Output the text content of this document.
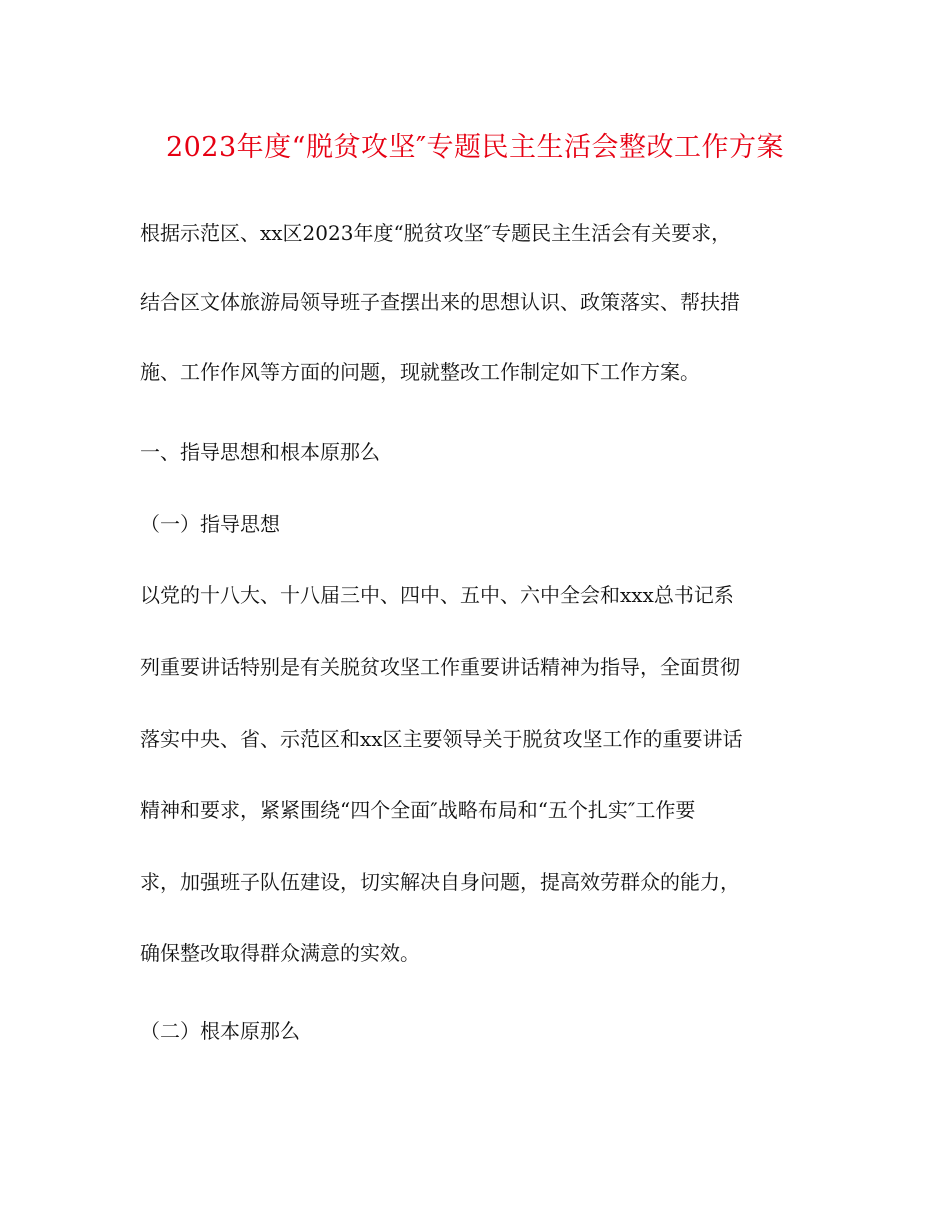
2023年度“脱贫攻坚″专题民主生活会整改工作方案
根据示范区、xx区2023年度“脱贫攻坚″专题民主生活会有关要求，
结合区文体旅游局领导班子查摆出来的思想认识、政策落实、帮扶措
施、工作作风等方面的问题，现就整改工作制定如下工作方案。
一、指导思想和根本原那么
（一）指导思想
以党的十八大、十八届三中、四中、五中、六中全会和xxx总书记系
列重要讲话特别是有关脱贫攻坚工作重要讲话精神为指导，全面贯彻
落实中央、省、示范区和xx区主要领导关于脱贫攻坚工作的重要讲话
精神和要求，紧紧围绕“四个全面″战略布局和“五个扎实″工作要
求，加强班子队伍建设，切实解决自身问题，提高效劳群众的能力，
确保整改取得群众满意的实效。
（二）根本原那么
